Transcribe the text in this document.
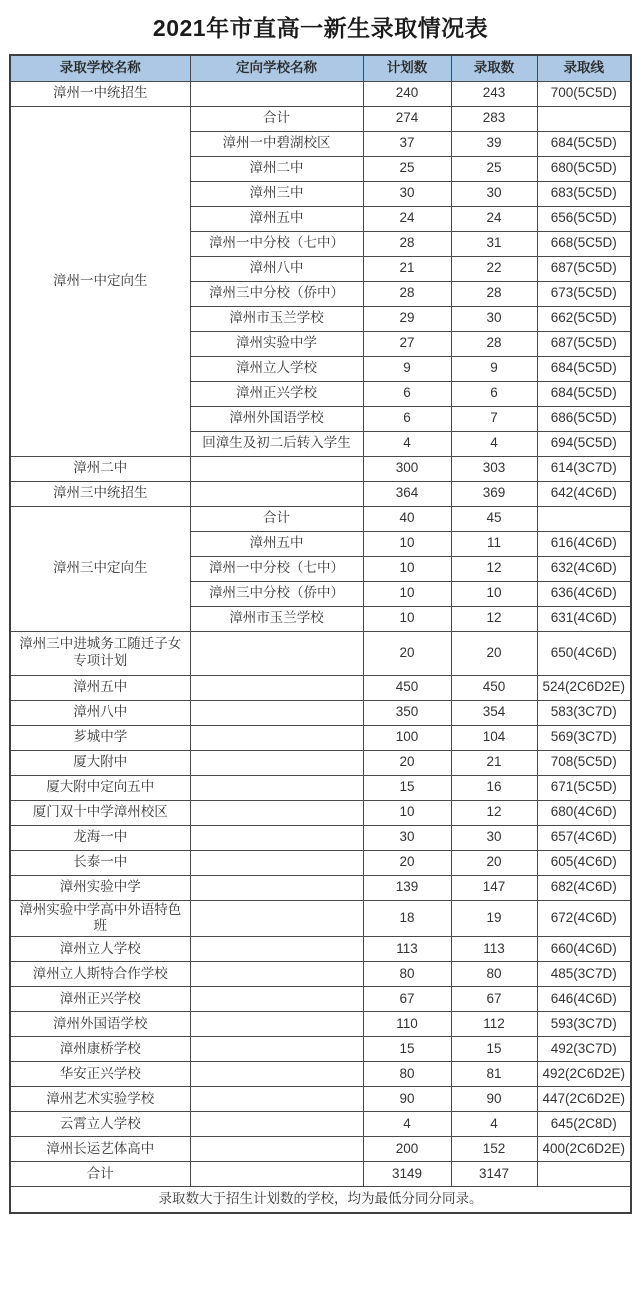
2021年市直高一新生录取情况表
录取学校名称	定向学校名称	计划数	录取数	录取线
漳州一中统招生		240	243	700(5C5D)
漳州一中定向生	合计	274	283	
	漳州一中碧湖校区	37	39	684(5C5D)
	漳州二中	25	25	680(5C5D)
	漳州三中	30	30	683(5C5D)
	漳州五中	24	24	656(5C5D)
	漳州一中分校（七中）	28	31	668(5C5D)
	漳州八中	21	22	687(5C5D)
	漳州三中分校（侨中）	28	28	673(5C5D)
	漳州市玉兰学校	29	30	662(5C5D)
	漳州实验中学	27	28	687(5C5D)
	漳州立人学校	9	9	684(5C5D)
	漳州正兴学校	6	6	684(5C5D)
	漳州外国语学校	6	7	686(5C5D)
	回漳生及初二后转入学生	4	4	694(5C5D)
漳州二中		300	303	614(3C7D)
漳州三中统招生		364	369	642(4C6D)
漳州三中定向生	合计	40	45	
	漳州五中	10	11	616(4C6D)
	漳州一中分校（七中）	10	12	632(4C6D)
	漳州三中分校（侨中）	10	10	636(4C6D)
	漳州市玉兰学校	10	12	631(4C6D)
漳州三中进城务工随迁子女专项计划		20	20	650(4C6D)
漳州五中		450	450	524(2C6D2E)
漳州八中		350	354	583(3C7D)
芗城中学		100	104	569(3C7D)
厦大附中		20	21	708(5C5D)
厦大附中定向五中		15	16	671(5C5D)
厦门双十中学漳州校区		10	12	680(4C6D)
龙海一中		30	30	657(4C6D)
长泰一中		20	20	605(4C6D)
漳州实验中学		139	147	682(4C6D)
漳州实验中学高中外语特色班		18	19	672(4C6D)
漳州立人学校		113	113	660(4C6D)
漳州立人斯特合作学校		80	80	485(3C7D)
漳州正兴学校		67	67	646(4C6D)
漳州外国语学校		110	112	593(3C7D)
漳州康桥学校		15	15	492(3C7D)
华安正兴学校		80	81	492(2C6D2E)
漳州艺术实验学校		90	90	447(2C6D2E)
云霄立人学校		4	4	645(2C8D)
漳州长运艺体高中		200	152	400(2C6D2E)
合计		3149	3147	
录取数大于招生计划数的学校，均为最低分同分同录。				
